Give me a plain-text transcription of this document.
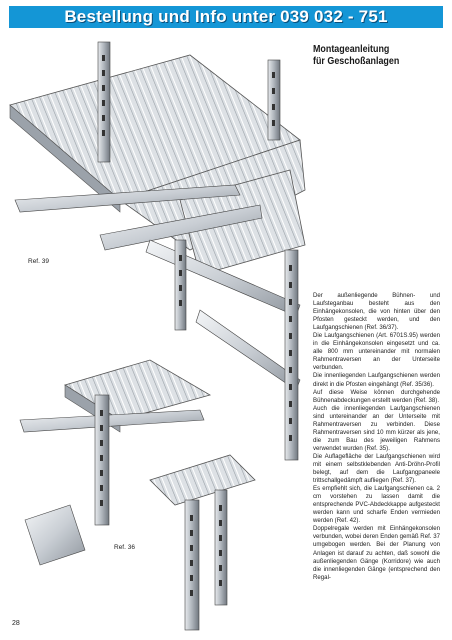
Bestellung und Info unter 039 032 - 751
Montageanleitung
für Geschoßanlagen
Ref. 39
Ref. 36

Der außenliegende Bühnen- und Laufsteganbau besteht aus den Einhängekonsolen, die von hinten über den Pfosten gesteckt werden, und den Laufgangschienen (Ref. 36/37).

Die Laufgangschienen (Art. 6701S.95) werden in die Einhängekonsolen eingesetzt und ca. alle 800 mm untereinander mit normalen Rahmentraversen an der Unterseite verbunden.

Die innenliegenden Laufgangschienen werden direkt in die Pfosten eingehängt (Ref. 35/36).

Auf diese Weise können durchgehende Bühnenabdeckungen erstellt werden (Ref. 38).

Auch die innenliegenden Laufgangschienen sind untereinander an der Unterseite mit Rahmentraversen zu verbinden. Diese Rahmentraversen sind 10 mm kürzer als jene, die zum Bau des jeweiligen Rahmens verwendet wurden (Ref. 35).

Die Auflagefläche der Laufgangschienen wird mit einem selbstklebenden Anti-Dröhn-Profil belegt, auf dem die Laufgangpaneele trittschallgedämpft aufliegen (Ref. 37).

Es empfiehlt sich, die Laufgangschienen ca. 2 cm vorstehen zu lassen damit die entsprechende PVC-Abdeckkappe aufgesteckt werden kann und scharfe Enden vermieden werden (Ref. 42).

Doppelregale werden mit Einhängekonsolen verbunden, wobei deren Enden gemäß Ref. 37 umgebogen werden. Bei der Planung von Anlagen ist darauf zu achten, daß sowohl die außenliegenden Gänge (Korridore) wie auch die innenliegenden Gänge (entsprechend den Regal-

28
